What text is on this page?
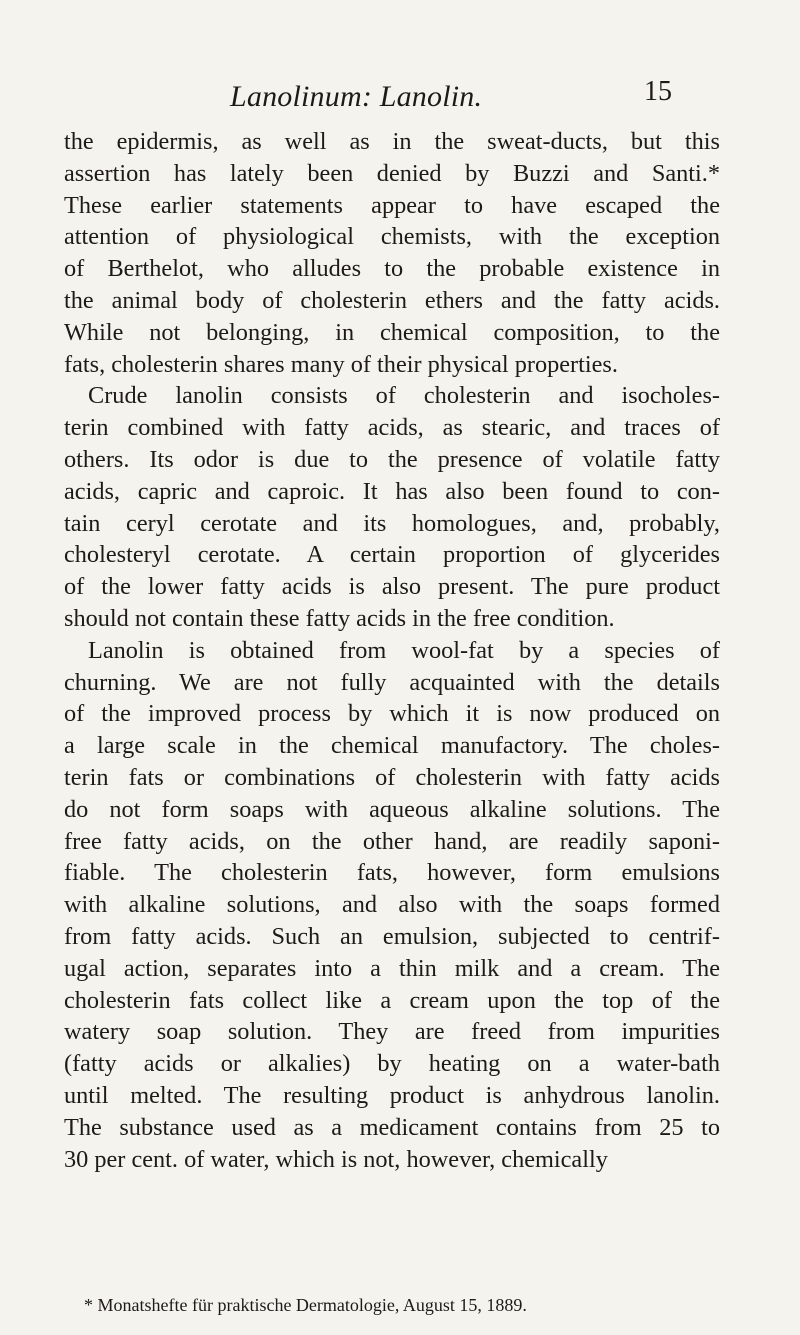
Lanolinum: Lanolin.	15
the epidermis, as well as in the sweat-ducts, but this
assertion has lately been denied by Buzzi and Santi.*
These earlier statements appear to have escaped the
attention of physiological chemists, with the exception
of Berthelot, who alludes to the probable existence in
the animal body of cholesterin ethers and the fatty acids.
While not belonging, in chemical composition, to the
fats, cholesterin shares many of their physical properties.
Crude lanolin consists of cholesterin and isocholes-
terin combined with fatty acids, as stearic, and traces of
others. Its odor is due to the presence of volatile fatty
acids, capric and caproic. It has also been found to con-
tain ceryl cerotate and its homologues, and, probably,
cholesteryl cerotate. A certain proportion of glycerides
of the lower fatty acids is also present. The pure product
should not contain these fatty acids in the free condition.
Lanolin is obtained from wool-fat by a species of
churning. We are not fully acquainted with the details
of the improved process by which it is now produced on
a large scale in the chemical manufactory. The choles-
terin fats or combinations of cholesterin with fatty acids
do not form soaps with aqueous alkaline solutions. The
free fatty acids, on the other hand, are readily saponi-
fiable. The cholesterin fats, however, form emulsions
with alkaline solutions, and also with the soaps formed
from fatty acids. Such an emulsion, subjected to centrif-
ugal action, separates into a thin milk and a cream. The
cholesterin fats collect like a cream upon the top of the
watery soap solution. They are freed from impurities
(fatty acids or alkalies) by heating on a water-bath
until melted. The resulting product is anhydrous lanolin.
The substance used as a medicament contains from 25 to
30 per cent. of water, which is not, however, chemically
* Monatshefte für praktische Dermatologie, August 15, 1889.
